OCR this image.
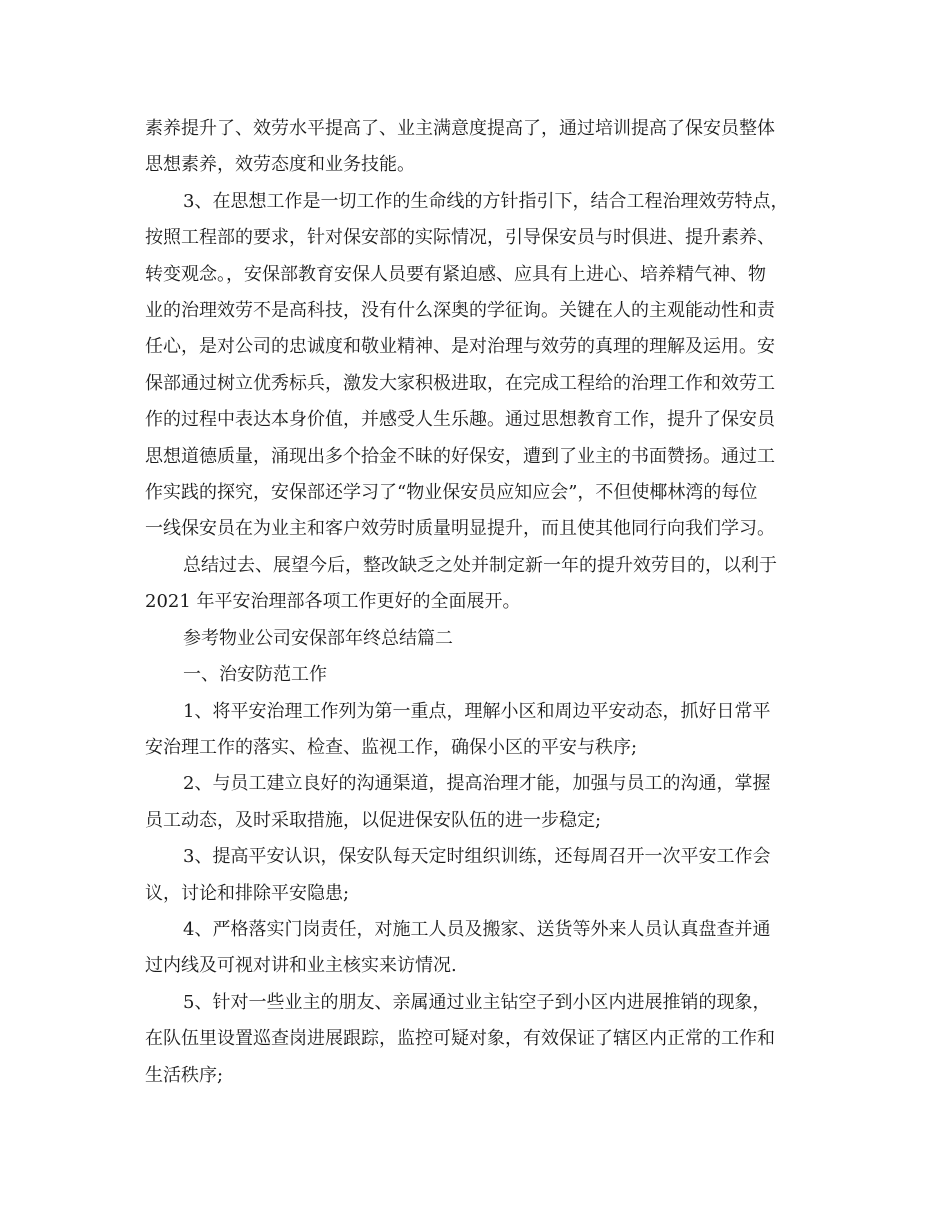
素养提升了、效劳水平提高了、业主满意度提高了，通过培训提高了保安员整体
思想素养，效劳态度和业务技能。
3、在思想工作是一切工作的生命线的方针指引下，结合工程治理效劳特点，
按照工程部的要求，针对保安部的实际情况，引导保安员与时俱进、提升素养、
转变观念。，安保部教育安保人员要有紧迫感、应具有上进心、培养精气神、物
业的治理效劳不是高科技，没有什么深奥的学征询。关键在人的主观能动性和责
任心，是对公司的忠诚度和敬业精神、是对治理与效劳的真理的理解及运用。安
保部通过树立优秀标兵，激发大家积极进取，在完成工程给的治理工作和效劳工
作的过程中表达本身价值，并感受人生乐趣。通过思想教育工作，提升了保安员
思想道德质量，涌现出多个拾金不昧的好保安，遭到了业主的书面赞扬。通过工
作实践的探究，安保部还学习了“物业保安员应知应会”，不但使椰林湾的每位
一线保安员在为业主和客户效劳时质量明显提升，而且使其他同行向我们学习。
总结过去、展望今后，整改缺乏之处并制定新一年的提升效劳目的，以利于
2021 年平安治理部各项工作更好的全面展开。
参考物业公司安保部年终总结篇二
一、治安防范工作
1、将平安治理工作列为第一重点，理解小区和周边平安动态，抓好日常平
安治理工作的落实、检查、监视工作，确保小区的平安与秩序;
2、与员工建立良好的沟通渠道，提高治理才能，加强与员工的沟通，掌握
员工动态，及时采取措施，以促进保安队伍的进一步稳定;
3、提高平安认识，保安队每天定时组织训练，还每周召开一次平安工作会
议，讨论和排除平安隐患;
4、严格落实门岗责任，对施工人员及搬家、送货等外来人员认真盘查并通
过内线及可视对讲和业主核实来访情况.
5、针对一些业主的朋友、亲属通过业主钻空子到小区内进展推销的现象，
在队伍里设置巡查岗进展跟踪，监控可疑对象，有效保证了辖区内正常的工作和
生活秩序;
